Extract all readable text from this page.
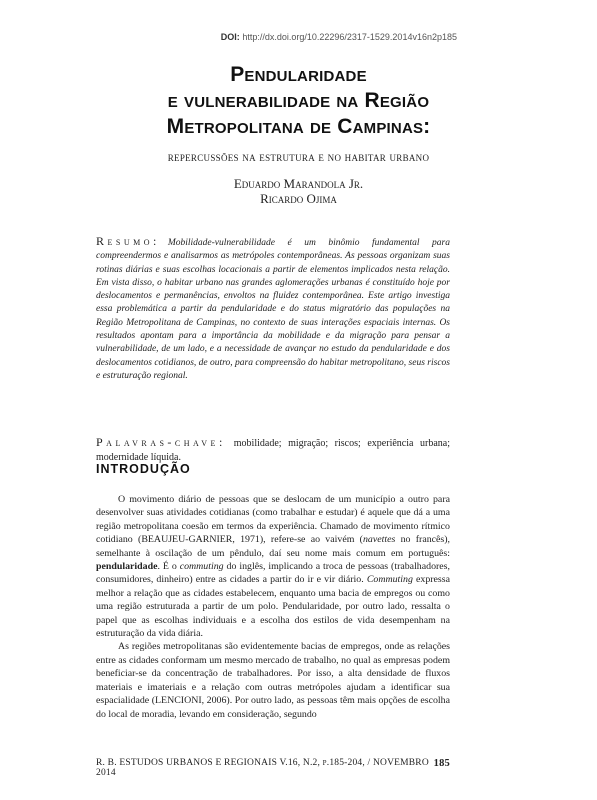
DOI: http://dx.doi.org/10.22296/2317-1529.2014v16n2p185
Pendularidade
e vulnerabilidade na Região
Metropolitana de Campinas:
repercussões na estrutura e no habitar urbano
Eduardo Marandola Jr.
Ricardo Ojima
Resumo: Mobilidade-vulnerabilidade é um binômio fundamental para compreendermos e analisarmos as metrópoles contemporâneas. As pessoas organizam suas rotinas diárias e suas escolhas locacionais a partir de elementos implicados nesta relação. Em vista disso, o habitar urbano nas grandes aglomerações urbanas é constituído hoje por deslocamentos e permanências, envoltos na fluidez contemporânea. Este artigo investiga essa problemática a partir da pendularidade e do status migratório das populações na Região Metropolitana de Campinas, no contexto de suas interações espaciais internas. Os resultados apontam para a importância da mobilidade e da migração para pensar a vulnerabilidade, de um lado, e a necessidade de avançar no estudo da pendularidade e dos deslocamentos cotidianos, de outro, para compreensão do habitar metropolitano, seus riscos e estruturação regional.
Palavras-chave: mobilidade; migração; riscos; experiência urbana; modernidade líquida.
INTRODUÇÃO

O movimento diário de pessoas que se deslocam de um município a outro para desenvolver suas atividades cotidianas (como trabalhar e estudar) é aquele que dá a uma região metropolitana coesão em termos da experiência. Chamado de movimento rítmico cotidiano (BEAUJEU-GARNIER, 1971), refere-se ao vaivém (navettes no francês), semelhante à oscilação de um pêndulo, daí seu nome mais comum em português: pendularidade. É o commuting do inglês, implicando a troca de pessoas (trabalhadores, consumidores, dinheiro) entre as cidades a partir do ir e vir diário. Commuting expressa melhor a relação que as cidades estabelecem, enquanto uma bacia de empregos ou como uma região estruturada a partir de um polo. Pendularidade, por outro lado, ressalta o papel que as escolhas individuais e a escolha dos estilos de vida desempenham na estruturação da vida diária.

As regiões metropolitanas são evidentemente bacias de empregos, onde as relações entre as cidades conformam um mesmo mercado de trabalho, no qual as empresas podem beneficiar-se da concentração de trabalhadores. Por isso, a alta densidade de fluxos materiais e imateriais e a relação com outras metrópoles ajudam a identificar sua espacialidade (LENCIONI, 2006). Por outro lado, as pessoas têm mais opções de escolha do local de moradia, levando em consideração, segundo

R. B. ESTUDOS URBANOS E REGIONAIS V.16, N.2, p.185-204, / NOVEMBRO 2014
185
